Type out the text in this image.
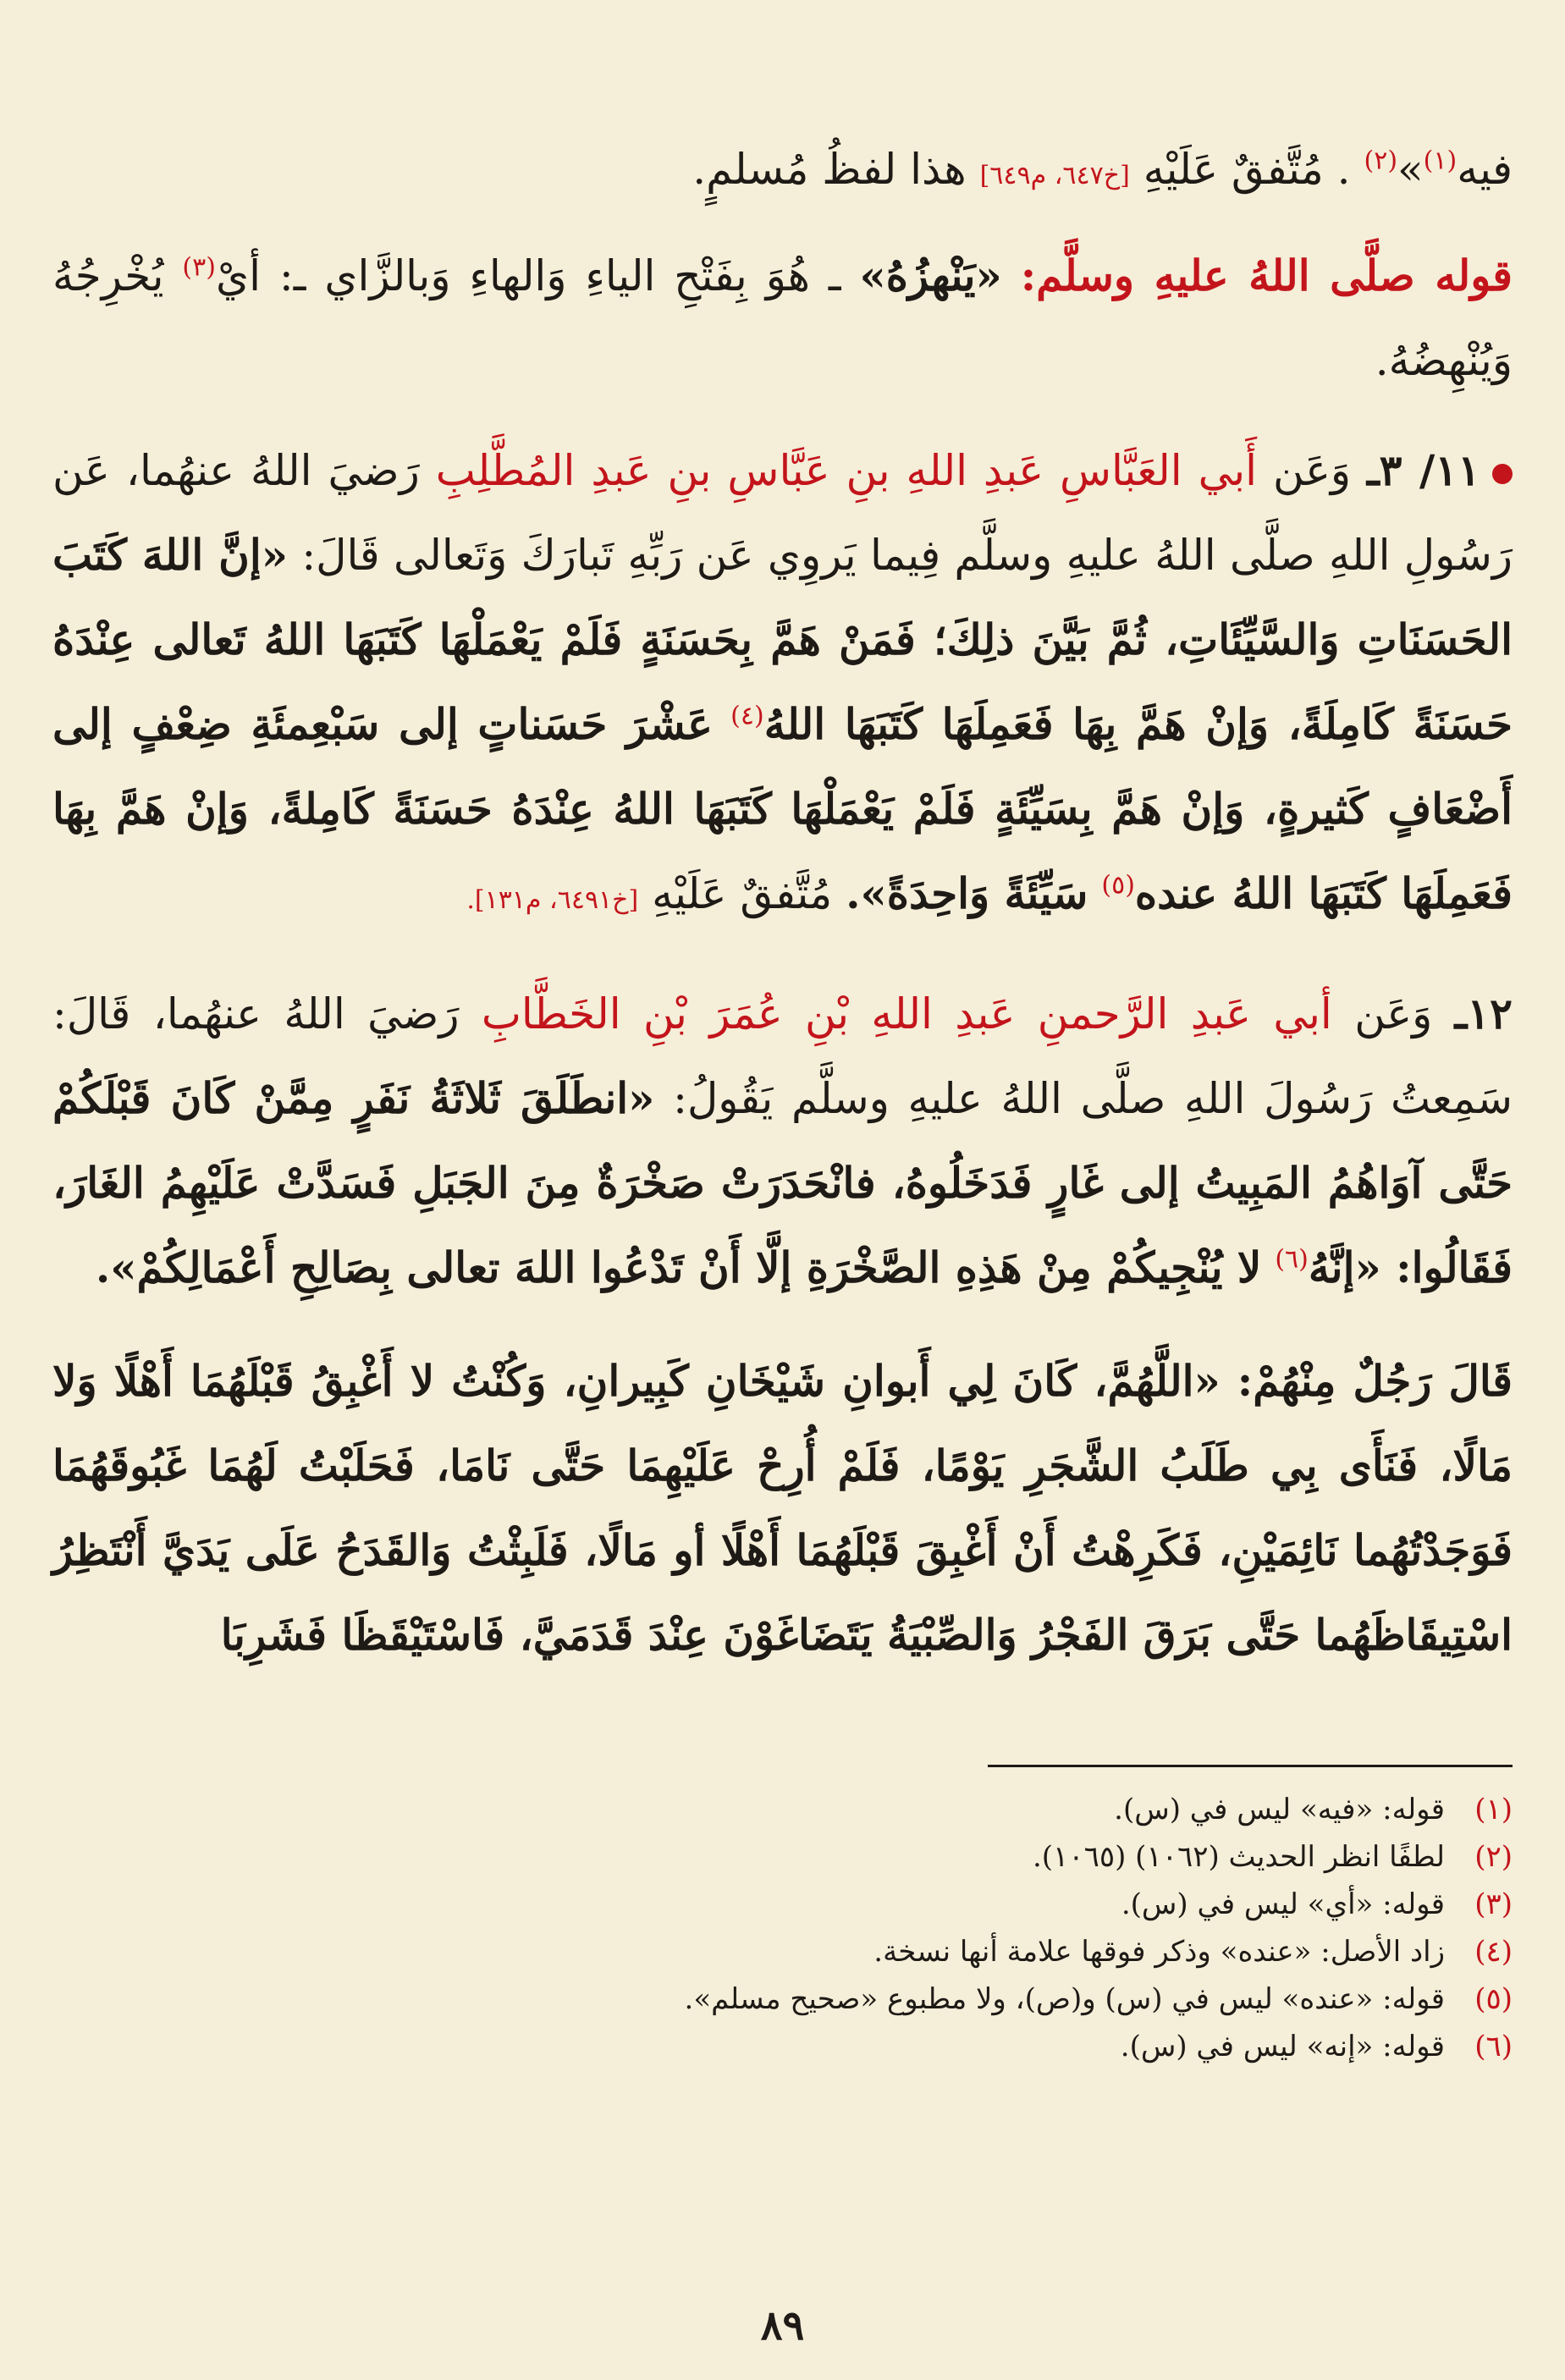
فيه$^{(١)}$»$^{(٢)}$ . مُتَّفقٌ عَلَيْهِ [خ٦٤٧، م٦٤٩] هذا لفظُ مُسلمٍ.

قوله صلَّى اللهُ عليهِ وسلَّم: «يَنْهزُهُ» ـ هُوَ بِفَتْحِ الياءِ وَالهاءِ وَبالزَّاي ـ: أيْ$^{(٣)}$ يُخْرِجُهُ وَيُنْهِضُهُ.

١١/ ٣ـ وَعَن أَبي العَبَّاسِ عَبدِ اللهِ بنِ عَبَّاسِ بنِ عَبدِ المُطَّلِبِ رَضيَ اللهُ عنهُما، عَن رَسُولِ اللهِ صلَّى اللهُ عليهِ وسلَّم فِيما يَروِي عَن رَبِّهِ تَبارَكَ وَتَعالى قَالَ: «إنَّ اللهَ كَتَبَ الحَسَنَاتِ وَالسَّيِّئَاتِ، ثُمَّ بَيَّنَ ذلِكَ؛ فَمَنْ هَمَّ بِحَسَنَةٍ فَلَمْ يَعْمَلْهَا كَتَبَهَا اللهُ تَعالى عِنْدَهُ حَسَنَةً كَامِلَةً، وَإنْ هَمَّ بِهَا فَعَمِلَهَا كَتَبَهَا اللهُ$^{(٤)}$ عَشْرَ حَسَناتٍ إلى سَبْعِمئَةِ ضِعْفٍ إلى أَضْعَافٍ كَثيرةٍ، وَإنْ هَمَّ بِسَيِّئَةٍ فَلَمْ يَعْمَلْهَا كَتَبَهَا اللهُ عِنْدَهُ حَسَنَةً كَامِلةً، وَإنْ هَمَّ بِهَا فَعَمِلَهَا كَتَبَهَا اللهُ عنده$^{(٥)}$ سَيِّئَةً وَاحِدَةً». مُتَّفقٌ عَلَيْهِ [خ٦٤٩١، م١٣١].

١٢ـ وَعَن أبي عَبدِ الرَّحمنِ عَبدِ اللهِ بْنِ عُمَرَ بْنِ الخَطَّابِ رَضيَ اللهُ عنهُما، قَالَ: سَمِعتُ رَسُولَ اللهِ صلَّى اللهُ عليهِ وسلَّم يَقُولُ: «انطَلَقَ ثَلاثَةُ نَفَرٍ مِمَّنْ كَانَ قَبْلَكُمْ حَتَّى آوَاهُمُ المَبِيتُ إلى غَارٍ فَدَخَلُوهُ، فانْحَدَرَتْ صَخْرَةٌ مِنَ الجَبَلِ فَسَدَّتْ عَلَيْهِمُ الغَارَ، فَقَالُوا: «إنَّهُ$^{(٦)}$ لا يُنْجِيكُمْ مِنْ هَذِهِ الصَّخْرَةِ إلَّا أَنْ تَدْعُوا اللهَ تعالى بِصَالِحِ أَعْمَالِكُمْ».

قَالَ رَجُلٌ مِنْهُمْ: «اللَّهُمَّ، كَانَ لِي أَبوانِ شَيْخَانِ كَبِيرانِ، وَكُنْتُ لا أَغْبِقُ قَبْلَهُمَا أَهْلًا وَلا مَالًا، فَنَأَى بِي طَلَبُ الشَّجَرِ يَوْمًا، فَلَمْ أُرِحْ عَلَيْهِمَا حَتَّى نَامَا، فَحَلَبْتُ لَهُمَا غَبُوقَهُمَا فَوَجَدْتُهُما نَائِمَيْنِ، فَكَرِهْتُ أَنْ أَغْبِقَ قَبْلَهُمَا أَهْلًا أو مَالًا، فَلَبِثْتُ وَالقَدَحُ عَلَى يَدَيَّ أَنْتَظِرُ اسْتِيقَاظَهُما حَتَّى بَرَقَ الفَجْرُ وَالصِّبْيَةُ يَتَضَاغَوْنَ عِنْدَ قَدَمَيَّ، فَاسْتَيْقَظَا فَشَرِبَا

(١)
قوله: «فيه» ليس في (س).
(٢)
لطفًا انظر الحديث (١٠٦٢) (١٠٦٥).
(٣)
قوله: «أي» ليس في (س).
(٤)
زاد الأصل: «عنده» وذكر فوقها علامة أنها نسخة.
(٥)
قوله: «عنده» ليس في (س) و(ص)، ولا مطبوع «صحيح مسلم».
(٦)
قوله: «إنه» ليس في (س).
٨٩
